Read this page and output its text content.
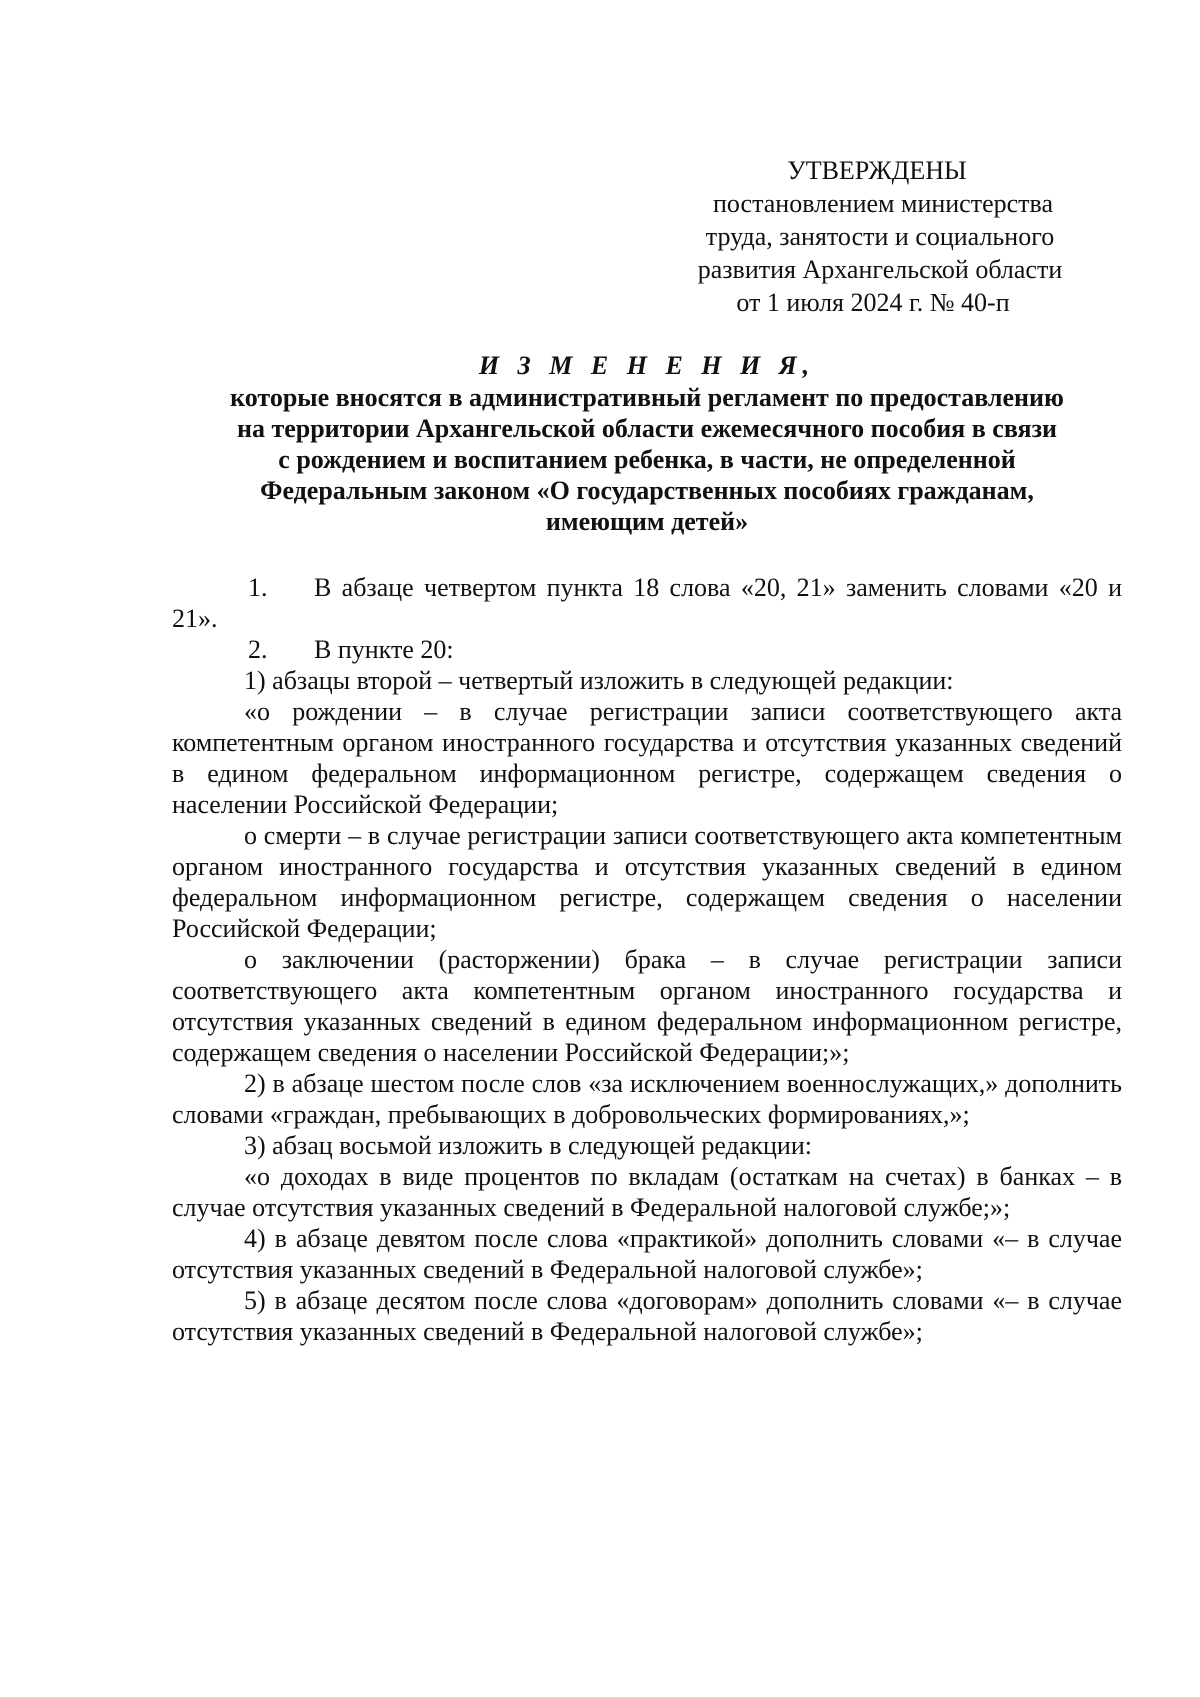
УТВЕРЖДЕНЫ
постановлением министерства
труда, занятости и социального
развития Архангельской области
от 1 июля 2024 г. № 40-п
И З М Е Н Е Н И Я,
которые вносятся в административный регламент по предоставлению
на территории Архангельской области ежемесячного пособия в связи
с рождением и воспитанием ребенка, в части, не определенной
Федеральным законом «О государственных пособиях гражданам,
имеющим детей»

1. В абзаце четвертом пункта 18 слова «20, 21» заменить словами «20 и 21».

2. В пункте 20:

1) абзацы второй – четвертый изложить в следующей редакции:

«о рождении – в случае регистрации записи соответствующего акта компетентным органом иностранного государства и отсутствия указанных сведений в едином федеральном информационном регистре, содержащем сведения о населении Российской Федерации;

о смерти – в случае регистрации записи соответствующего акта компетентным органом иностранного государства и отсутствия указанных сведений в едином федеральном информационном регистре, содержащем сведения о населении Российской Федерации;

о заключении (расторжении) брака – в случае регистрации записи соответствующего акта компетентным органом иностранного государства и отсутствия указанных сведений в едином федеральном информационном регистре, содержащем сведения о населении Российской Федерации;»;

2) в абзаце шестом после слов «за исключением военнослужащих,» дополнить словами «граждан, пребывающих в добровольческих формированиях,»;

3) абзац восьмой изложить в следующей редакции:

«о доходах в виде процентов по вкладам (остаткам на счетах) в банках – в случае отсутствия указанных сведений в Федеральной налоговой службе;»;

4) в абзаце девятом после слова «практикой» дополнить словами «– в случае отсутствия указанных сведений в Федеральной налоговой службе»;

5) в абзаце десятом после слова «договорам» дополнить словами «– в случае отсутствия указанных сведений в Федеральной налоговой службе»;
